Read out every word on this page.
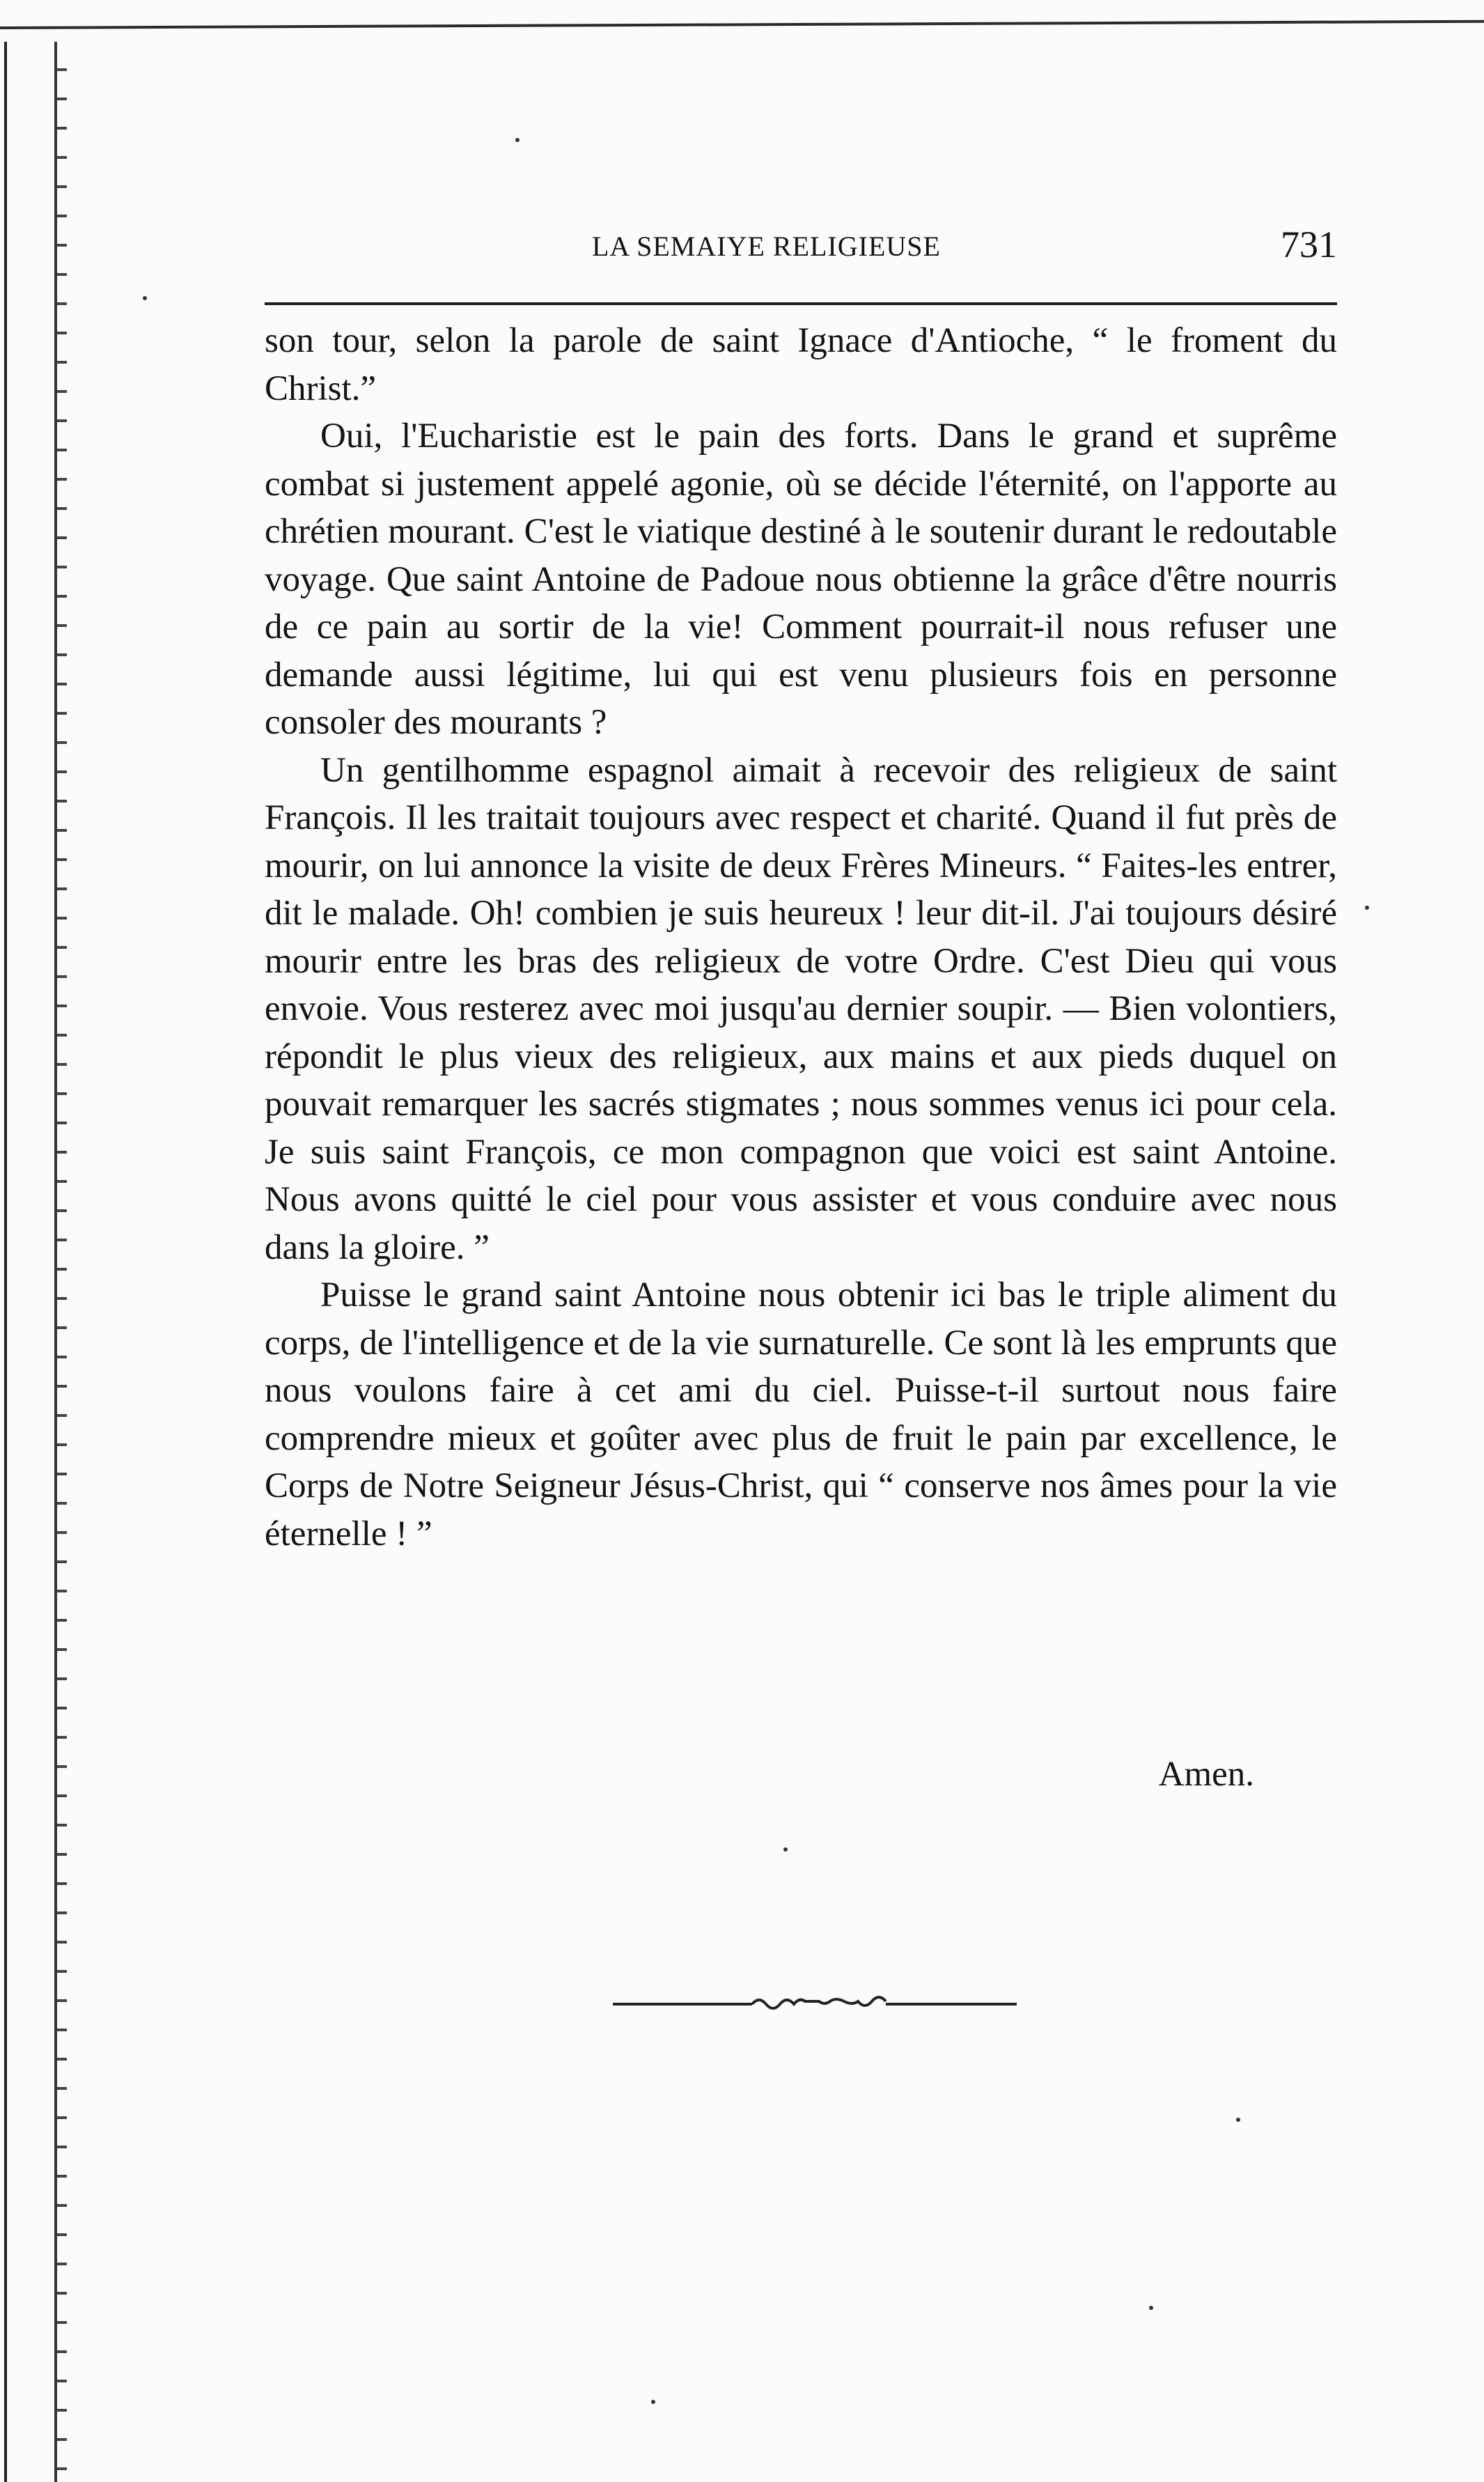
LA SEMAIYE RELIGIEUSE	731

son tour, selon la parole de saint Ignace d'Antioche, “ le froment du Christ.”

Oui, l'Eucharistie est le pain des forts. Dans le grand et suprême combat si justement appelé agonie, où se décide l'éternité, on l'apporte au chrétien mourant. C'est le viatique destiné à le soutenir durant le redoutable voyage. Que saint Antoine de Padoue nous obtienne la grâce d'être nourris de ce pain au sortir de la vie! Comment pourrait-il nous refuser une demande aussi légitime, lui qui est venu plusieurs fois en personne consoler des mourants ?

Un gentilhomme espagnol aimait à recevoir des religieux de saint François. Il les traitait toujours avec respect et charité. Quand il fut près de mourir, on lui annonce la visite de deux Frères Mineurs. “ Faites-les entrer, dit le malade. Oh! combien je suis heureux ! leur dit-il. J'ai toujours désiré mourir entre les bras des religieux de votre Ordre. C'est Dieu qui vous envoie. Vous resterez avec moi jusqu'au dernier soupir. — Bien volontiers, répondit le plus vieux des religieux, aux mains et aux pieds duquel on pouvait remarquer les sacrés stigmates ; nous sommes venus ici pour cela. Je suis saint François, ce mon compagnon que voici est saint Antoine. Nous avons quitté le ciel pour vous assister et vous conduire avec nous dans la gloire. ”

Puisse le grand saint Antoine nous obtenir ici bas le triple aliment du corps, de l'intelligence et de la vie surnaturelle. Ce sont là les emprunts que nous voulons faire à cet ami du ciel. Puisse-t-il surtout nous faire comprendre mieux et goûter avec plus de fruit le pain par excellence, le Corps de Notre Seigneur Jésus-Christ, qui “ conserve nos âmes pour la vie éternelle ! ”

Amen.
